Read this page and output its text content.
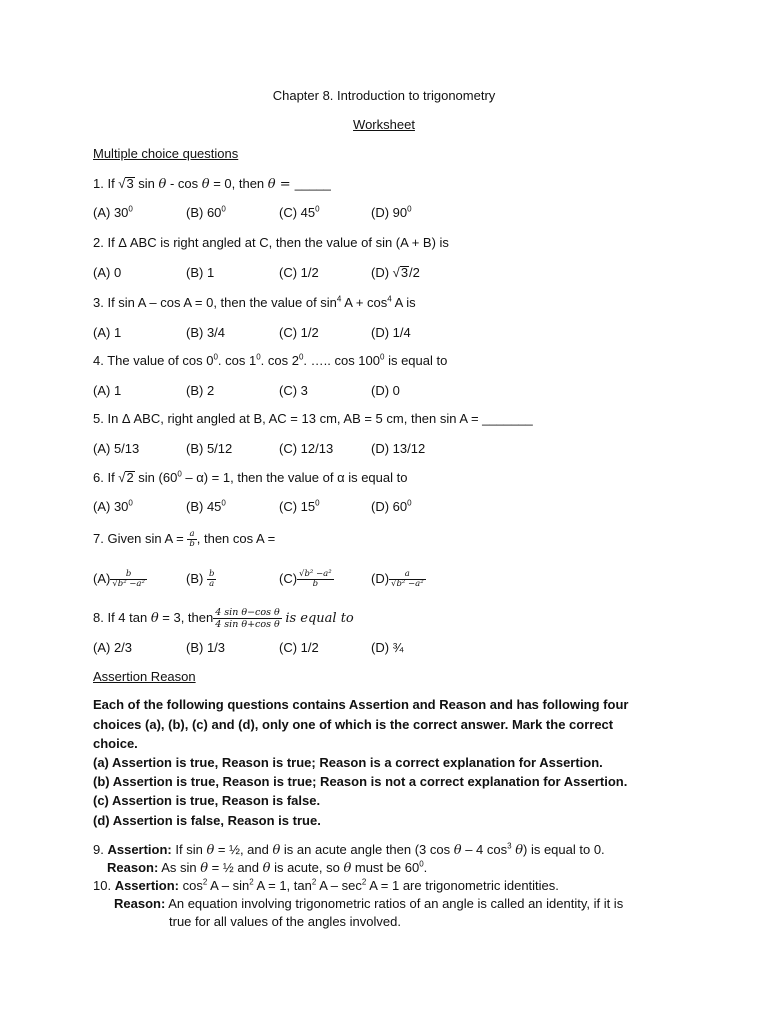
Chapter 8. Introduction to trigonometry
Worksheet
Multiple choice questions
1. If √3 sin θ - cos θ = 0, then θ = _____
(A) $30^0$	(B) $60^0$	(C) $45^0$	(D) $90^0$
2. If Δ ABC is right angled at C, then the value of sin (A + B) is
(A) 0	(B) 1	(C) 1/2	(D) √3/2
3. If sin A – cos A = 0, then the value of $\sin^4 A + \cos^4 A$ is
(A) 1	(B) 3/4	(C) 1/2	(D) 1/4
4. The value of $\cos 0^0$. $\cos 1^0$. $\cos 2^0$. ….. $\cos 100^0$ is equal to
(A) 1	(B) 2	(C) 3	(D) 0
5. In Δ ABC, right angled at B, AC = 13 cm, AB = 5 cm, then sin A = _______
(A) 5/13	(B) 5/12	(C) 12/13	(D) 13/12
6. If √2 $\sin (60^0 - \alpha) = 1$, then the value of α is equal to
(A) $30^0$	(B) $45^0$	(C) $15^0$	(D) $60^0$
7. Given $\sin A = \frac{a}{b}$ , then cos A =
$(A) \frac{b}{\text{√b² −a²}}$	$(B) \frac{b}{a}$	$(C) \frac{\text{√b² −a²}}{b}$	$(D) \frac{a}{\text{√b² −a²}}$
8. If 4 tan θ = 3, then $\frac{\text{4 sin θ−cos θ}}{\text{4 sin θ+cos θ}}$ is equal to
(A) 2/3	(B) 1/3	(C) 1/2	(D) ¾
Assertion Reason
Each of the following questions contains Assertion and Reason and has following four
choices (a), (b), (c) and (d), only one of which is the correct answer. Mark the correct
choice.
(a) Assertion is true, Reason is true; Reason is a correct explanation for Assertion.
(b) Assertion is true, Reason is true; Reason is not a correct explanation for Assertion.
(c) Assertion is true, Reason is false.
(d) Assertion is false, Reason is true.
9. Assertion: If sin θ = ½, and θ is an acute angle then (3 cos θ – 4 $\cos^3 \theta$) is equal to 0.
Reason: As sin θ = ½ and θ is acute, so θ must be $60^0$.
10. Assertion: $\cos^2 A - \sin^2 A = 1$, $\tan^2 A - \sec^2 A = 1$ are trigonometric identities.
Reason: An equation involving trigonometric ratios of an angle is called an identity, if it is
true for all values of the angles involved.
